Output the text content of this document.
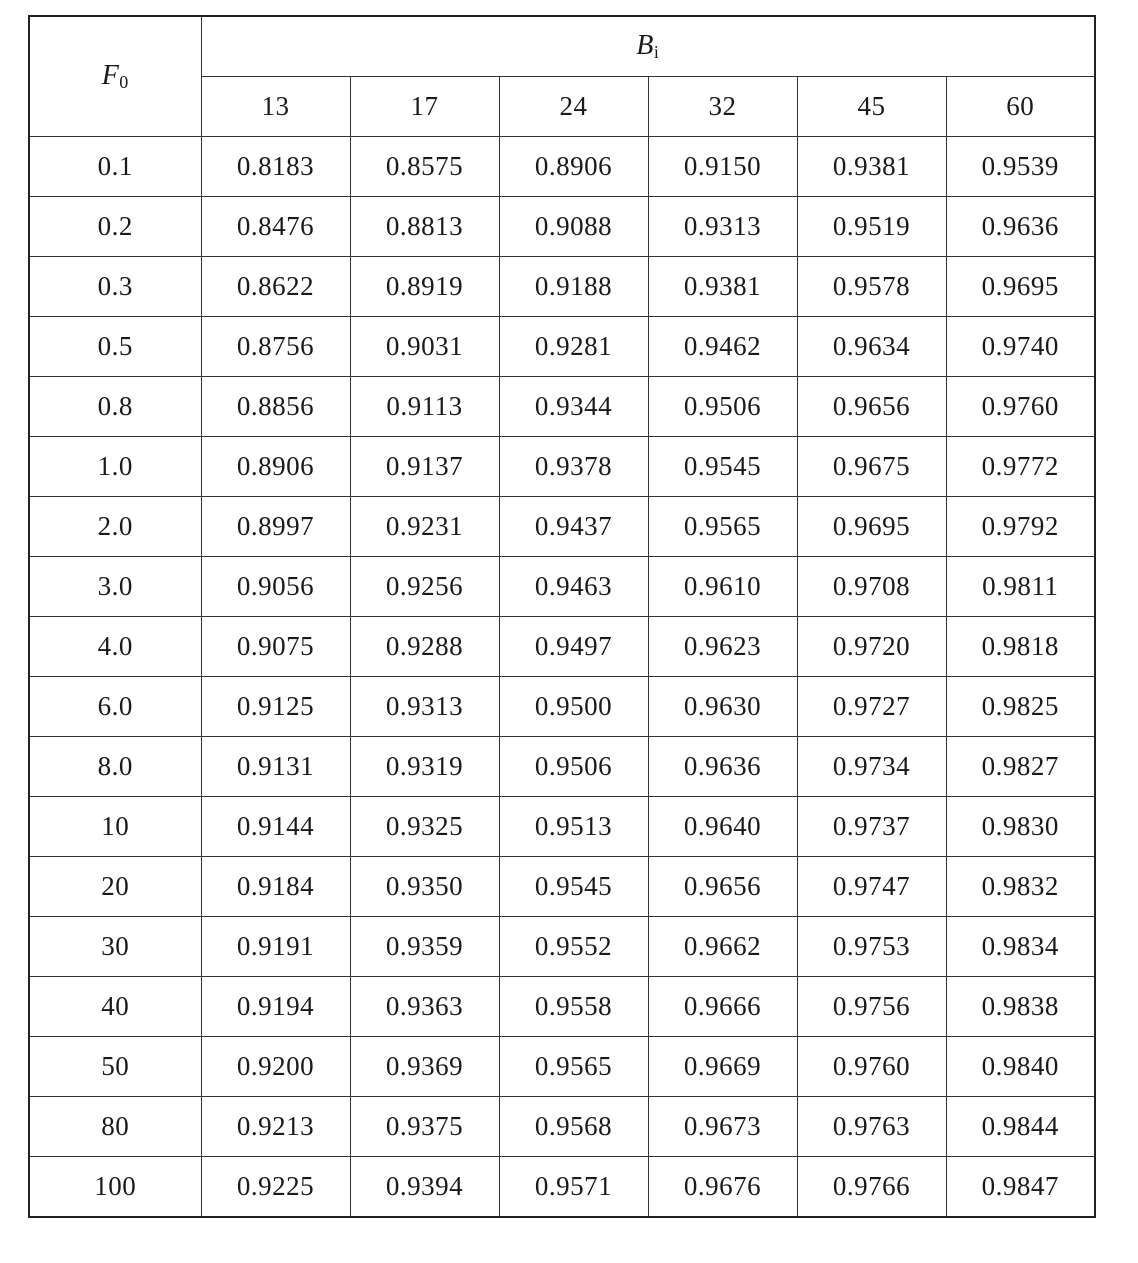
$F_0$	$B_i$
	13	17	24	32	45	60
0.1	0.8183	0.8575	0.8906	0.9150	0.9381	0.9539
0.2	0.8476	0.8813	0.9088	0.9313	0.9519	0.9636
0.3	0.8622	0.8919	0.9188	0.9381	0.9578	0.9695
0.5	0.8756	0.9031	0.9281	0.9462	0.9634	0.9740
0.8	0.8856	0.9113	0.9344	0.9506	0.9656	0.9760
1.0	0.8906	0.9137	0.9378	0.9545	0.9675	0.9772
2.0	0.8997	0.9231	0.9437	0.9565	0.9695	0.9792
3.0	0.9056	0.9256	0.9463	0.9610	0.9708	0.9811
4.0	0.9075	0.9288	0.9497	0.9623	0.9720	0.9818
6.0	0.9125	0.9313	0.9500	0.9630	0.9727	0.9825
8.0	0.9131	0.9319	0.9506	0.9636	0.9734	0.9827
10	0.9144	0.9325	0.9513	0.9640	0.9737	0.9830
20	0.9184	0.9350	0.9545	0.9656	0.9747	0.9832
30	0.9191	0.9359	0.9552	0.9662	0.9753	0.9834
40	0.9194	0.9363	0.9558	0.9666	0.9756	0.9838
50	0.9200	0.9369	0.9565	0.9669	0.9760	0.9840
80	0.9213	0.9375	0.9568	0.9673	0.9763	0.9844
100	0.9225	0.9394	0.9571	0.9676	0.9766	0.9847
